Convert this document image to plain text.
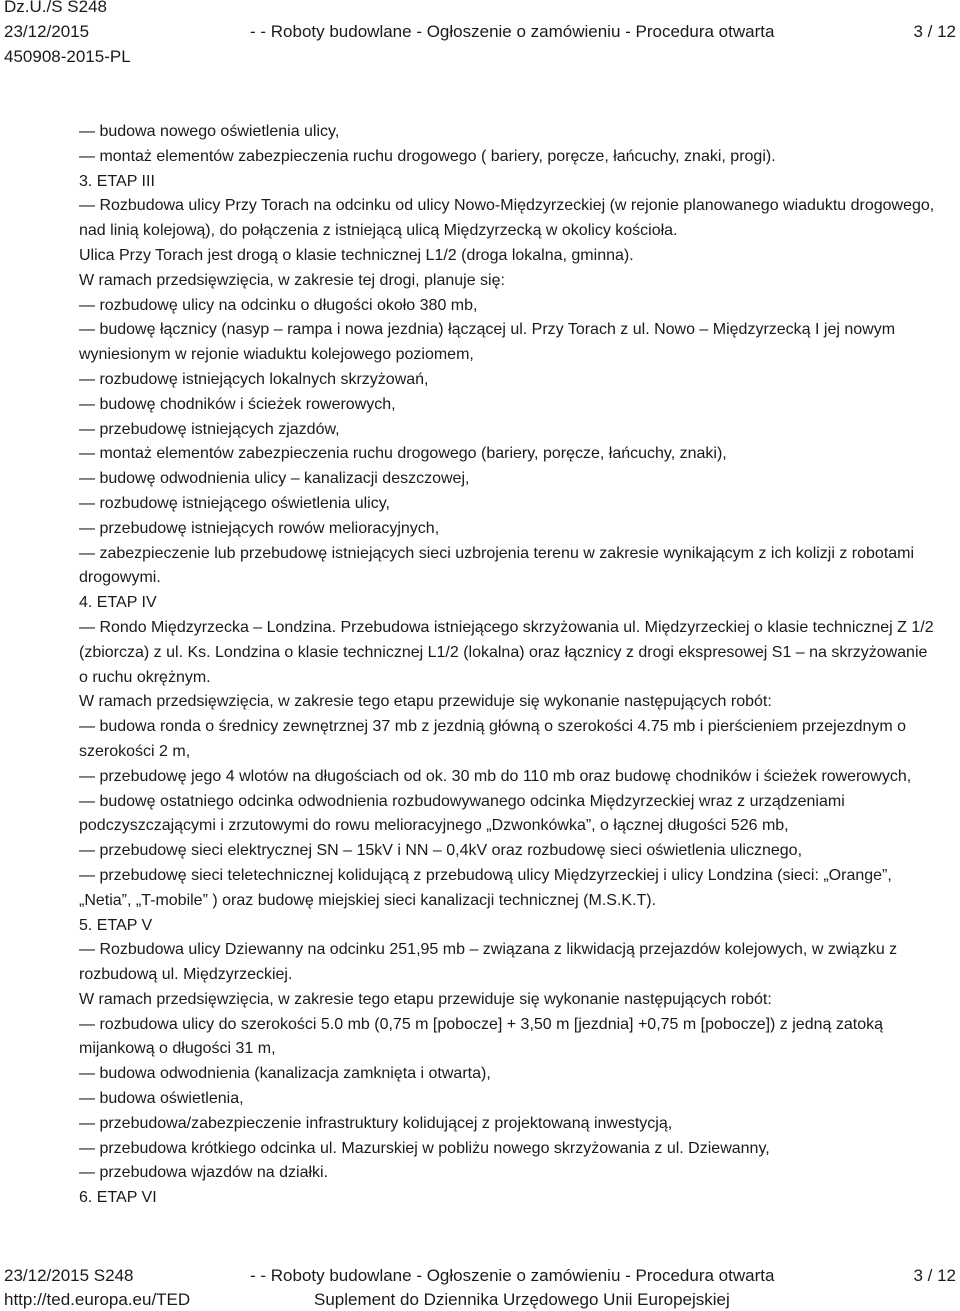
Dz.U./S S248
23/12/2015
450908-2015-PL
- - Roboty budowlane - Ogłoszenie o zamówieniu - Procedura otwarta	3 / 12

— budowa nowego oświetlenia ulicy,

— montaż elementów zabezpieczenia ruchu drogowego ( bariery, poręcze, łańcuchy, znaki, progi).

3. ETAP III

— Rozbudowa ulicy Przy Torach na odcinku od ulicy Nowo-Międzyrzeckiej (w rejonie planowanego wiaduktu drogowego, nad linią kolejową), do połączenia z istniejącą ulicą Międzyrzecką w okolicy kościoła.

Ulica Przy Torach jest drogą o klasie technicznej L1/2 (droga lokalna, gminna).

W ramach przedsięwzięcia, w zakresie tej drogi, planuje się:

— rozbudowę ulicy na odcinku o długości około 380 mb,

— budowę łącznicy (nasyp – rampa i nowa jezdnia) łączącej ul. Przy Torach z ul. Nowo – Międzyrzecką I jej nowym wyniesionym w rejonie wiaduktu kolejowego poziomem,

— rozbudowę istniejących lokalnych skrzyżowań,

— budowę chodników i ścieżek rowerowych,

— przebudowę istniejących zjazdów,

— montaż elementów zabezpieczenia ruchu drogowego (bariery, poręcze, łańcuchy, znaki),

— budowę odwodnienia ulicy – kanalizacji deszczowej,

— rozbudowę istniejącego oświetlenia ulicy,

— przebudowę istniejących rowów melioracyjnych,

— zabezpieczenie lub przebudowę istniejących sieci uzbrojenia terenu w zakresie wynikającym z ich kolizji z robotami drogowymi.

4. ETAP IV

— Rondo Międzyrzecka – Londzina. Przebudowa istniejącego skrzyżowania ul. Międzyrzeckiej o klasie technicznej Z 1/2 (zbiorcza) z ul. Ks. Londzina o klasie technicznej L1/2 (lokalna) oraz łącznicy z drogi ekspresowej S1 – na skrzyżowanie o ruchu okrężnym.

W ramach przedsięwzięcia, w zakresie tego etapu przewiduje się wykonanie następujących robót:

— budowa ronda o średnicy zewnętrznej 37 mb z jezdnią główną o szerokości 4.75 mb i pierścieniem przejezdnym o szerokości 2 m,

— przebudowę jego 4 wlotów na długościach od ok. 30 mb do 110 mb oraz budowę chodników i ścieżek rowerowych,

— budowę ostatniego odcinka odwodnienia rozbudowywanego odcinka Międzyrzeckiej wraz z urządzeniami podczyszczającymi i zrzutowymi do rowu melioracyjnego „Dzwonkówka”, o łącznej długości 526 mb,

— przebudowę sieci elektrycznej SN – 15kV i NN – 0,4kV oraz rozbudowę sieci oświetlenia ulicznego,

— przebudowę sieci teletechnicznej kolidującą z przebudową ulicy Międzyrzeckiej i ulicy Londzina (sieci: „Orange”, „Netia”, „T-mobile” ) oraz budowę miejskiej sieci kanalizacji technicznej (M.S.K.T).

5. ETAP V

— Rozbudowa ulicy Dziewanny na odcinku 251,95 mb – związana z likwidacją przejazdów kolejowych, w związku z rozbudową ul. Międzyrzeckiej.

W ramach przedsięwzięcia, w zakresie tego etapu przewiduje się wykonanie następujących robót:

— rozbudowa ulicy do szerokości 5.0 mb (0,75 m [pobocze] + 3,50 m [jezdnia] +0,75 m [pobocze]) z jedną zatoką mijankową o długości 31 m,

— budowa odwodnienia (kanalizacja zamknięta i otwarta),

— budowa oświetlenia,

— przebudowa/zabezpieczenie infrastruktury kolidującej z projektowaną inwestycją,

— przebudowa krótkiego odcinka ul. Mazurskiej w pobliżu nowego skrzyżowania z ul. Dziewanny,

— przebudowa wjazdów na działki.

6. ETAP VI

23/12/2015 S248	- - Roboty budowlane - Ogłoszenie o zamówieniu - Procedura otwarta	3 / 12
http://ted.europa.eu/TED	Suplement do Dziennika Urzędowego Unii Europejskiej
